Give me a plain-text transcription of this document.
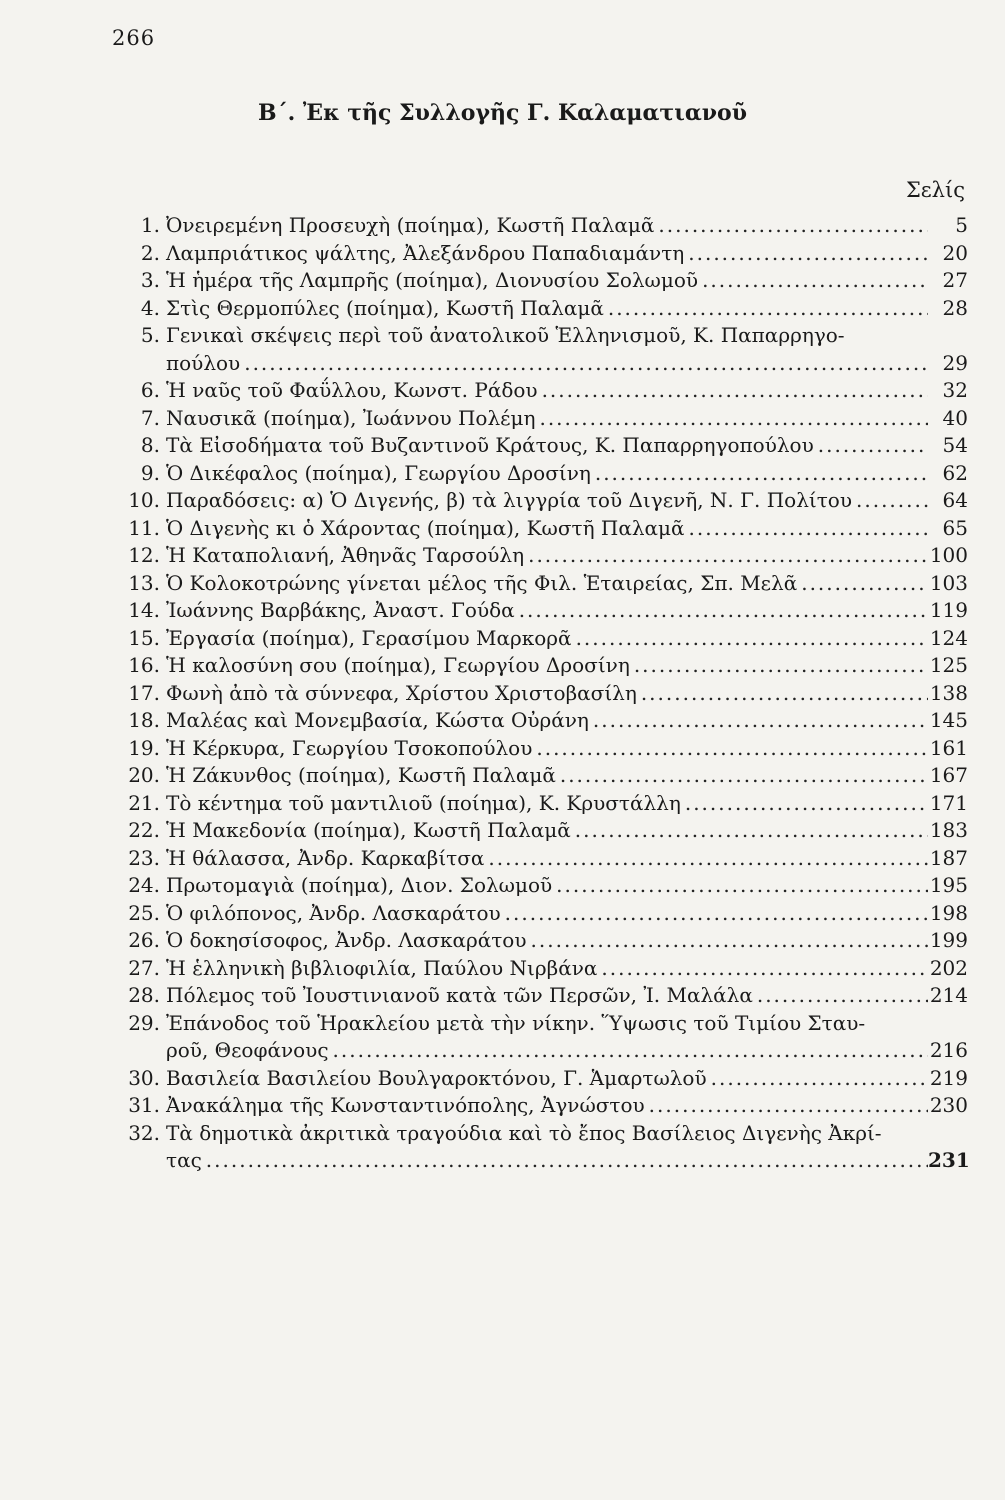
266
Β΄. Ἐκ τῆς Συλλογῆς Γ. Καλαματιανοῦ
Σελίς
1. Ὀνειρεμένη Προσευχὴ (ποίημα), Κωστῆ Παλαμᾶ .....	5
2. Λαμπριάτικος ψάλτης, Ἀλεξάνδρου Παπαδιαμάντη .....	20
3. Ἡ ἡμέρα τῆς Λαμπρῆς (ποίημα), Διονυσίου Σολωμοῦ .....	27
4. Στὶς Θερμοπύλες (ποίημα), Κωστῆ Παλαμᾶ .....	28
5. Γενικαὶ σκέψεις περὶ τοῦ ἀνατολικοῦ Ἑλληνισμοῦ, Κ. Παπαρρηγο-
πούλου .....	29
6. Ἡ ναῦς τοῦ Φαΰλλου, Κωνστ. Ράδου .....	32
7. Ναυσικᾶ (ποίημα), Ἰωάννου Πολέμη .....	40
8. Τὰ Εἰσοδήματα τοῦ Βυζαντινοῦ Κράτους, Κ. Παπαρρηγοπούλου .....	54
9. Ὁ Δικέφαλος (ποίημα), Γεωργίου Δροσίνη .....	62
10. Παραδόσεις: α) Ὁ Διγενής, β) τὰ λιγγρία τοῦ Διγενῆ, Ν. Γ. Πολίτου .....	64
11. Ὁ Διγενὴς κι ὁ Χάροντας (ποίημα), Κωστῆ Παλαμᾶ .....	65
12. Ἡ Καταπολιανή, Ἀθηνᾶς Ταρσούλη .....	100
13. Ὁ Κολοκοτρώνης γίνεται μέλος τῆς Φιλ. Ἑταιρείας, Σπ. Μελᾶ .....	103
14. Ἰωάννης Βαρβάκης, Ἀναστ. Γούδα .....	119
15. Ἐργασία (ποίημα), Γερασίμου Μαρκορᾶ .....	124
16. Ἡ καλοσύνη σου (ποίημα), Γεωργίου Δροσίνη .....	125
17. Φωνὴ ἀπὸ τὰ σύννεφα, Χρίστου Χριστοβασίλη .....	138
18. Μαλέας καὶ Μονεμβασία, Κώστα Οὐράνη .....	145
19. Ἡ Κέρκυρα, Γεωργίου Τσοκοπούλου .....	161
20. Ἡ Ζάκυνθος (ποίημα), Κωστῆ Παλαμᾶ .....	167
21. Τὸ κέντημα τοῦ μαντιλιοῦ (ποίημα), Κ. Κρυστάλλη .....	171
22. Ἡ Μακεδονία (ποίημα), Κωστῆ Παλαμᾶ .....	183
23. Ἡ θάλασσα, Ἀνδρ. Καρκαβίτσα .....	187
24. Πρωτομαγιὰ (ποίημα), Διον. Σολωμοῦ .....	195
25. Ὁ φιλόπονος, Ἀνδρ. Λασκαράτου .....	198
26. Ὁ δοκησίσοφος, Ἀνδρ. Λασκαράτου .....	199
27. Ἡ ἑλληνικὴ βιβλιοφιλία, Παύλου Νιρβάνα .....	202
28. Πόλεμος τοῦ Ἰουστινιανοῦ κατὰ τῶν Περσῶν, Ἰ. Μαλάλα .....	214
29. Ἐπάνοδος τοῦ Ἡρακλείου μετὰ τὴν νίκην. Ὕψωσις τοῦ Τιμίου Σταυ-
ροῦ, Θεοφάνους .....	216
30. Βασιλεία Βασιλείου Βουλγαροκτόνου, Γ. Ἁμαρτωλοῦ .....	219
31. Ἀνακάλημα τῆς Κωνσταντινόπολης, Ἀγνώστου .....	230
32. Τὰ δημοτικὰ ἀκριτικὰ τραγούδια καὶ τὸ ἔπος Βασίλειος Διγενὴς Ἀκρί-
τας .....	231
